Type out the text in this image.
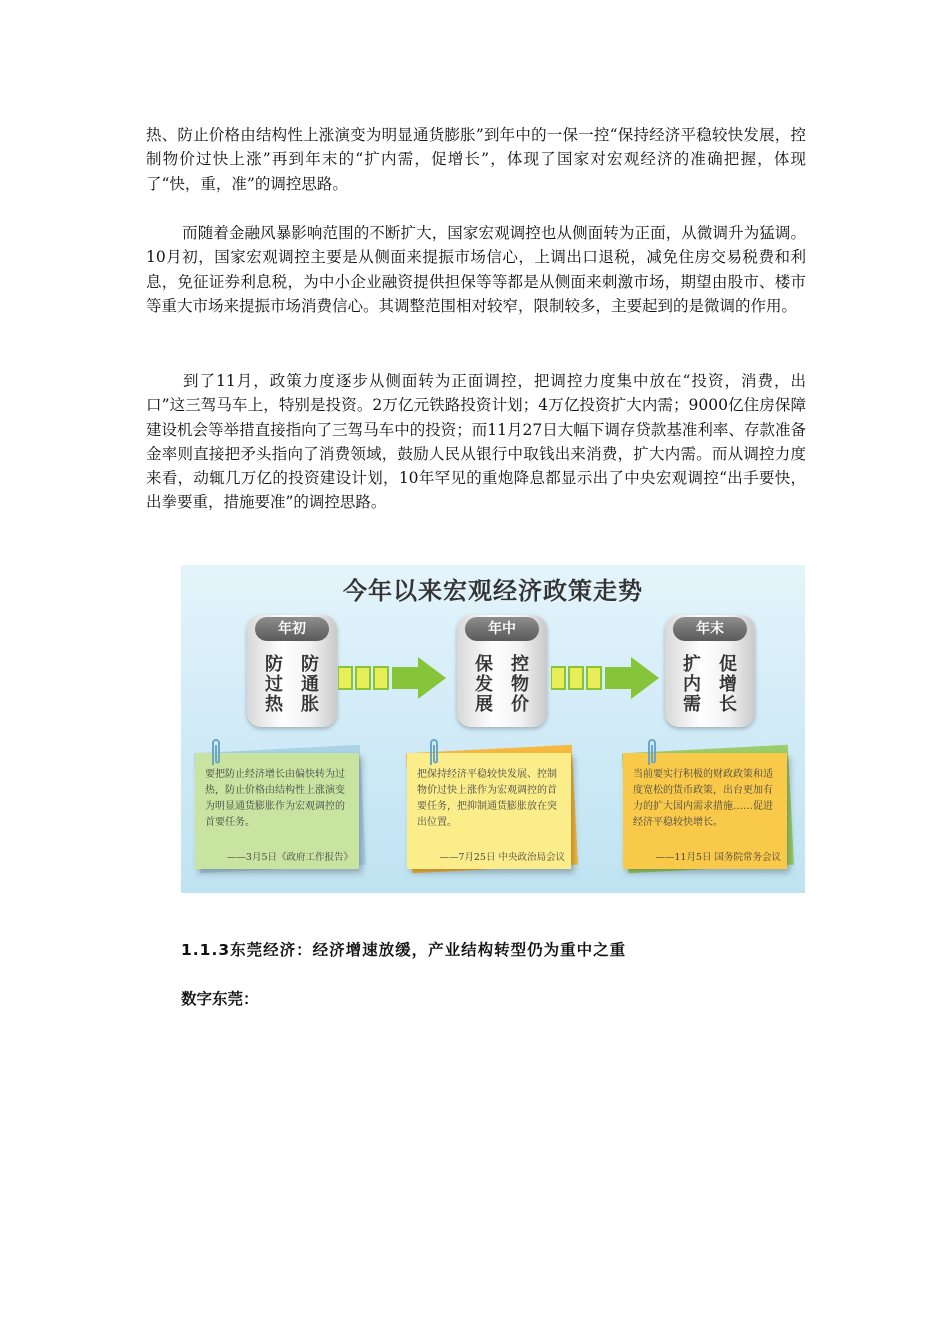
热、防止价格由结构性上涨演变为明显通货膨胀”到年中的一保一控“保持经济平稳较快发展，控制物价过快上涨”再到年末的“扩内需，促增长”，体现了国家对宏观经济的准确把握，体现了“快，重，准”的调控思路。

而随着金融风暴影响范围的不断扩大，国家宏观调控也从侧面转为正面，从微调升为猛调。10月初，国家宏观调控主要是从侧面来提振市场信心，上调出口退税，减免住房交易税费和利息，免征证券利息税，为中小企业融资提供担保等等都是从侧面来刺激市场，期望由股市、楼市等重大市场来提振市场消费信心。其调整范围相对较窄，限制较多，主要起到的是微调的作用。

到了11月，政策力度逐步从侧面转为正面调控，把调控力度集中放在“投资，消费，出口”这三驾马车上，特别是投资。2万亿元铁路投资计划；4万亿投资扩大内需；9000亿住房保障建设机会等举措直接指向了三驾马车中的投资；而11月27日大幅下调存贷款基准利率、存款准备金率则直接把矛头指向了消费领域，鼓励人民从银行中取钱出来消费，扩大内需。而从调控力度来看，动辄几万亿的投资建设计划，10年罕见的重炮降息都显示出了中央宏观调控“出手要快，出拳要重，措施要准”的调控思路。

今年以来宏观经济政策走势
年初
防过热
防通胀
年中
保发展
控物价
年末
扩内需
促增长
要把防止经济增长由偏快转为过热，防止价格由结构性上涨演变为明显通货膨胀作为宏观调控的首要任务。
——3月5日《政府工作报告》
把保持经济平稳较快发展、控制物价过快上涨作为宏观调控的首要任务，把抑制通货膨胀放在突出位置。
——7月25日 中央政治局会议
当前要实行积极的财政政策和适度宽松的货币政策，出台更加有力的扩大国内需求措施……促进经济平稳较快增长。
——11月5日 国务院常务会议

1.1.3东莞经济：经济增速放缓，产业结构转型仍为重中之重

数字东莞：
